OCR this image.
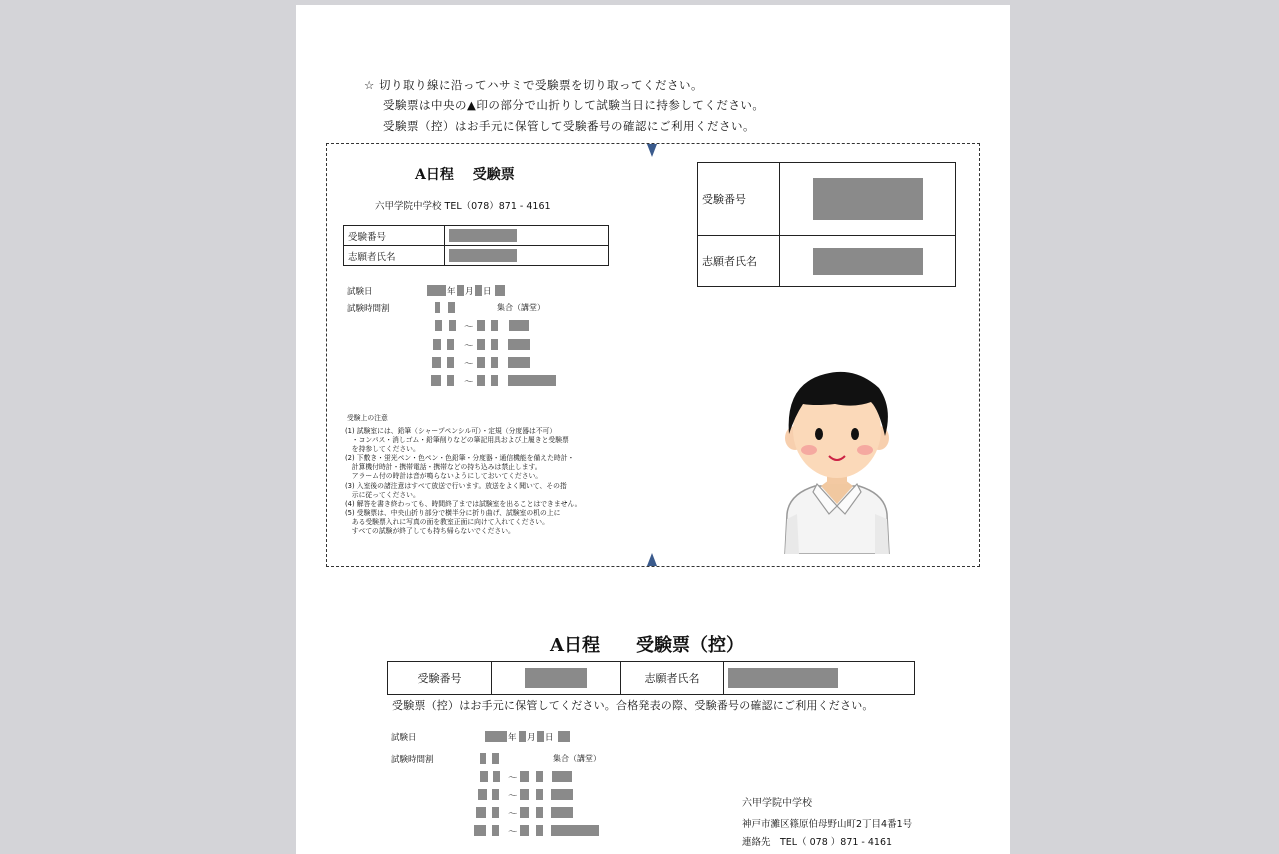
☆ 切り取り線に沿ってハサミで受験票を切り取ってください。
受験票は中央の▲印の部分で山折りして試験当日に持参してください。
受験票（控）はお手元に保管して受験番号の確認にご利用ください。
A日程　 受験票
六甲学院中学校 TEL（078）871 - 4161
受験番号	
志願者氏名	
試験日	年 月 日
試験時間割	集合（講堂）
～
～
～
～
受験上の注意
(1) 試験室には、鉛筆（シャープペンシル可）・定規（分度器は不可）
　・コンパス・消しゴム・鉛筆削りなどの筆記用具および上履きと受験票
　を持参してください。
(2) 下敷き・蛍光ペン・色ペン・色鉛筆・分度器・通信機能を備えた時計・
　計算機付時計・携帯電話・携帯などの持ち込みは禁止します。
　アラーム付の時計は音が鳴らないようにしておいてください。
(3) 入室後の諸注意はすべて放送で行います。放送をよく聞いて、その指
　示に従ってください。
(4) 解答を書き終わっても、時間終了までは試験室を出ることはできません。
(5) 受験票は、中央山折り部分で横半分に折り曲げ、試験室の机の上に
　ある受験票入れに写真の面を教室正面に向けて入れてください。
　すべての試験が終了しても持ち帰らないでください。
受験番号	
志願者氏名	
A日程　　受験票（控）
受験番号		志願者氏名	
受験票（控）はお手元に保管してください。合格発表の際、受験番号の確認にご利用ください。
試験日	年 月 日
試験時間割	集合（講堂）
～
～
～
～
六甲学院中学校
神戸市灘区篠原伯母野山町2丁目4番1号
連絡先　TEL（ 078 ）871 - 4161
